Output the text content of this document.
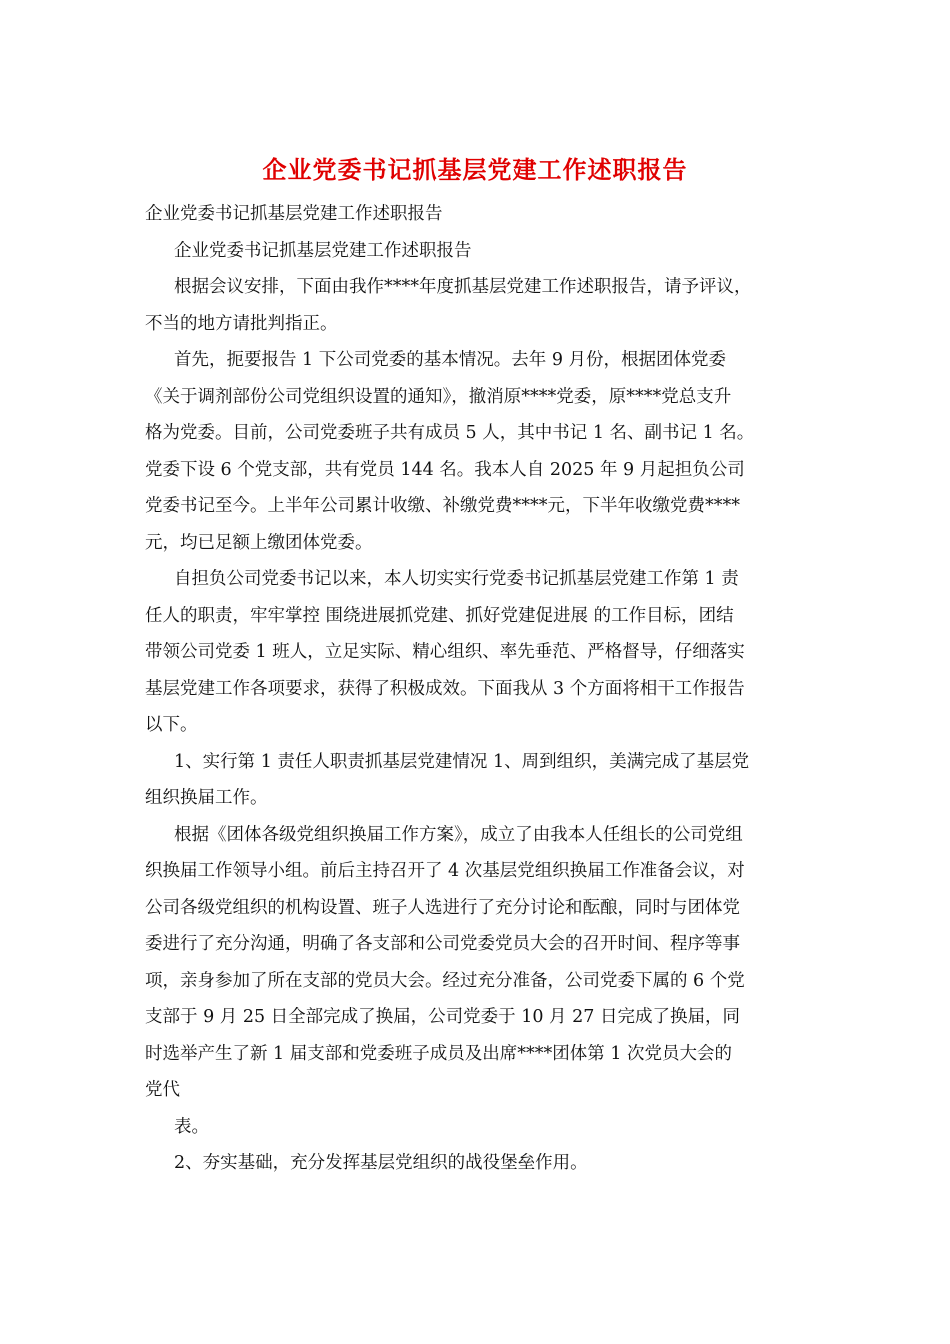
企业党委书记抓基层党建工作述职报告
企业党委书记抓基层党建工作述职报告
企业党委书记抓基层党建工作述职报告
根据会议安排，下面由我作****年度抓基层党建工作述职报告，请予评议，
不当的地方请批判指正。
首先，扼要报告 1 下公司党委的基本情况。去年 9 月份，根据团体党委
《关于调剂部份公司党组织设置的通知》，撤消原****党委，原****党总支升
格为党委。目前，公司党委班子共有成员 5 人，其中书记 1 名、副书记 1 名。
党委下设 6 个党支部，共有党员 144 名。我本人自 2025 年 9 月起担负公司
党委书记至今。上半年公司累计收缴、补缴党费****元，下半年收缴党费****
元，均已足额上缴团体党委。
自担负公司党委书记以来，本人切实实行党委书记抓基层党建工作第 1 责
任人的职责，牢牢掌控 围绕进展抓党建、抓好党建促进展 的工作目标，团结
带领公司党委 1 班人，立足实际、精心组织、率先垂范、严格督导，仔细落实
基层党建工作各项要求，获得了积极成效。下面我从 3 个方面将相干工作报告
以下。
1、实行第 1 责任人职责抓基层党建情况 1、周到组织，美满完成了基层党
组织换届工作。
根据《团体各级党组织换届工作方案》，成立了由我本人任组长的公司党组
织换届工作领导小组。前后主持召开了 4 次基层党组织换届工作准备会议，对
公司各级党组织的机构设置、班子人选进行了充分讨论和酝酿，同时与团体党
委进行了充分沟通，明确了各支部和公司党委党员大会的召开时间、程序等事
项，亲身参加了所在支部的党员大会。经过充分准备，公司党委下属的 6 个党
支部于 9 月 25 日全部完成了换届，公司党委于 10 月 27 日完成了换届，同
时选举产生了新 1 届支部和党委班子成员及出席****团体第 1 次党员大会的
党代
表。
2、夯实基础，充分发挥基层党组织的战役堡垒作用。
